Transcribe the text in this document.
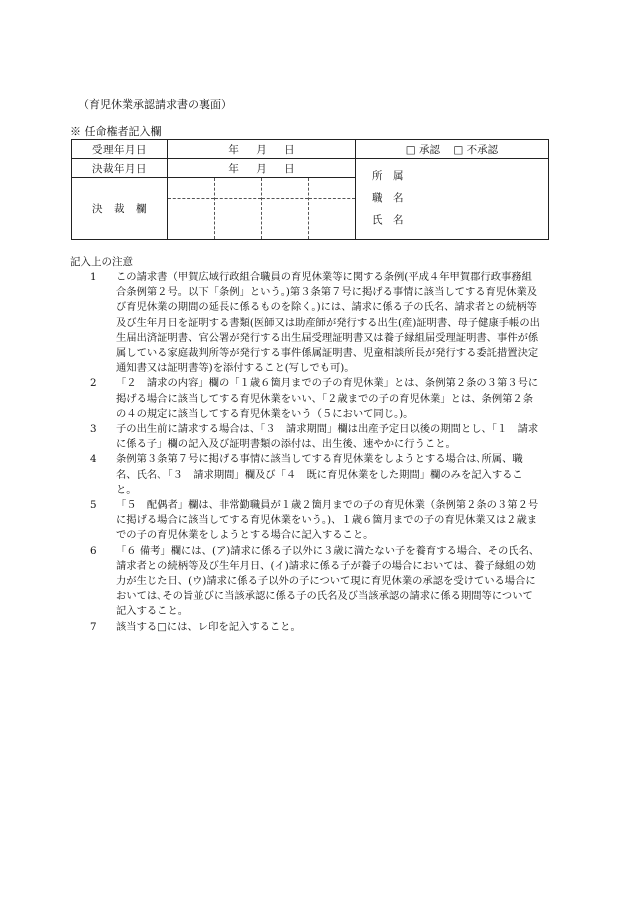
（育児休業承認請求書の裏面）
※ 任命権者記入欄
受理年月日	年 月 日	□ 承認 □ 不承認
決裁年月日	年 月 日	所　属
職　名
氏　名

決　裁　欄		
記入上の注意
1	この請求書（甲賀広域行政組合職員の育児休業等に関する条例(平成４年甲賀郡行政事務組合条例第２号。以下「条例」という。)第３条第７号に掲げる事情に該当してする育児休業及び育児休業の期間の延長に係るものを除く。)には、請求に係る子の氏名、請求者との続柄等及び生年月日を証明する書類(医師又は助産師が発行する出生(産)証明書、母子健康手帳の出生届出済証明書、官公署が発行する出生届受理証明書又は養子縁組届受理証明書、事件が係属している家庭裁判所等が発行する事件係属証明書、児童相談所長が発行する委託措置決定通知書又は証明書等)を添付すること(写しでも可)。
2	「２　請求の内容」欄の「１歳６箇月までの子の育児休業」とは、条例第２条の３第３号に掲げる場合に該当してする育児休業をいい、「２歳までの子の育児休業」とは、条例第２条の４の規定に該当してする育児休業をいう（５において同じ。)。
3	子の出生前に請求する場合は、「３　請求期間」欄は出産予定日以後の期間とし、「１　請求に係る子」欄の記入及び証明書類の添付は、出生後、速やかに行うこと。
4	条例第３条第７号に掲げる事情に該当してする育児休業をしようとする場合は､所属、職名、氏名､「３　請求期間」欄及び「４　既に育児休業をした期間」欄のみを記入すること。
5	「５　配偶者」欄は、非常勤職員が１歳２箇月までの子の育児休業（条例第２条の３第２号に掲げる場合に該当してする育児休業をいう。)、１歳６箇月までの子の育児休業又は２歳までの子の育児休業をしようとする場合に記入すること。
6	「６ 備考」欄には、(ア)請求に係る子以外に３歳に満たない子を養育する場合、その氏名、請求者との続柄等及び生年月日、(イ)請求に係る子が養子の場合においては、養子縁組の効力が生じた日、(ウ)請求に係る子以外の子について現に育児休業の承認を受けている場合においては､その旨並びに当該承認に係る子の氏名及び当該承認の請求に係る期間等について記入すること。
7	該当する□には、レ印を記入すること。
